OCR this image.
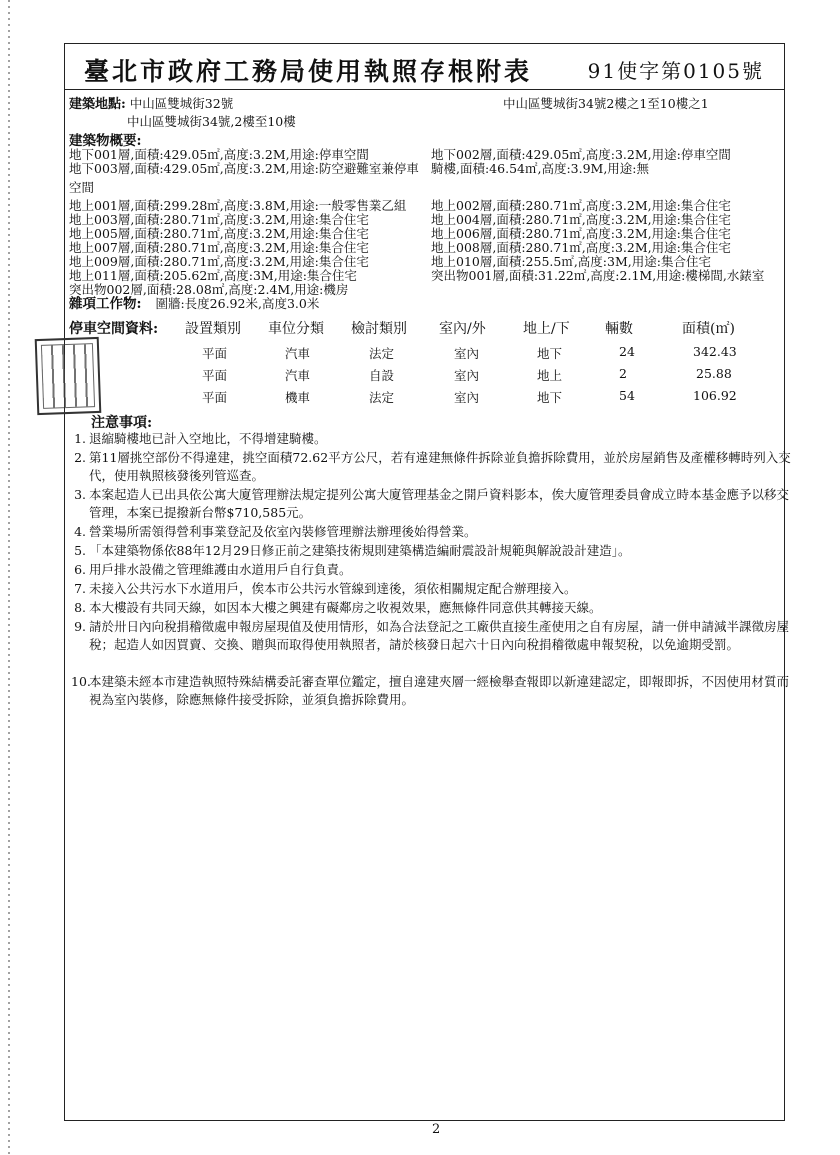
臺北市政府工務局使用執照存根附表	91使字第0105號
建築地點: 中山區雙城街32號	中山區雙城街34號2樓之1至10樓之1
中山區雙城街34號,2樓至10樓
建築物概要:
地下001層,面積:429.05㎡,高度:3.2M,用途:停車空間	地下002層,面積:429.05㎡,高度:3.2M,用途:停車空間
地下003層,面積:429.05㎡,高度:3.2M,用途:防空避難室兼停車 騎樓,面積:46.54㎡,高度:3.9M,用途:無
空間
地上001層,面積:299.28㎡,高度:3.8M,用途:一般零售業乙組 地上002層,面積:280.71㎡,高度:3.2M,用途:集合住宅
地上003層,面積:280.71㎡,高度:3.2M,用途:集合住宅	地上004層,面積:280.71㎡,高度:3.2M,用途:集合住宅
地上005層,面積:280.71㎡,高度:3.2M,用途:集合住宅	地上006層,面積:280.71㎡,高度:3.2M,用途:集合住宅
地上007層,面積:280.71㎡,高度:3.2M,用途:集合住宅	地上008層,面積:280.71㎡,高度:3.2M,用途:集合住宅
地上009層,面積:280.71㎡,高度:3.2M,用途:集合住宅	地上010層,面積:255.5㎡,高度:3M,用途:集合住宅
地上011層,面積:205.62㎡,高度:3M,用途:集合住宅	突出物001層,面積:31.22㎡,高度:2.1M,用途:樓梯間,水錶室
突出物002層,面積:28.08㎡,高度:2.4M,用途:機房
雜項工作物: 圍牆:長度26.92米,高度3.0米
停車空間資料: 設置類別 車位分類 檢討類別 室內/外	地上/下	輛數	面積(㎡)
平面	汽車	法定	室內	地下	24	342.43
平面	汽車	自設	室內	地上	2	25.88
平面	機車	法定	室內	地下	54	106.92
注意事項:
1. 退縮騎樓地已計入空地比，不得增建騎樓。
2. 第11層挑空部份不得違建，挑空面積72.62平方公尺，若有違建無條件拆除並負擔拆除費用，並於房屋銷售及產權移轉時列入交代，使用執照核發後列管巡查。
3. 本案起造人已出具依公寓大廈管理辦法規定提列公寓大廈管理基金之開戶資料影本，俟大廈管理委員會成立時本基金應予以移交管理，本案已提撥新台幣$710,585元。
4. 營業場所需領得營利事業登記及依室內裝修管理辦法辦理後始得營業。
5. 「本建築物係依88年12月29日修正前之建築技術規則建築構造編耐震設計規範與解說設計建造」。
6. 用戶排水設備之管理維護由水道用戶自行負責。
7. 未接入公共污水下水道用戶，俟本市公共污水管線到達後，須依相關規定配合辦理接入。
8. 本大樓設有共同天線，如因本大樓之興建有礙鄰房之收視效果，應無條件同意供其轉接天線。
9. 請於卅日內向稅捐稽徵處申報房屋現值及使用情形，如為合法登記之工廠供直接生產使用之自有房屋，請一併申請減半課徵房屋稅；起造人如因買賣、交換、贈與而取得使用執照者，請於核發日起六十日內向稅捐稽徵處申報契稅，以免逾期受罰。
10.
本建築未經本市建造執照特殊結構委託審查單位鑑定，擅自違建夾層一經檢舉查報即以新違建認定，即報即拆，不因使用材質而視為室內裝修，除應無條件接受拆除，並須負擔拆除費用。
2
